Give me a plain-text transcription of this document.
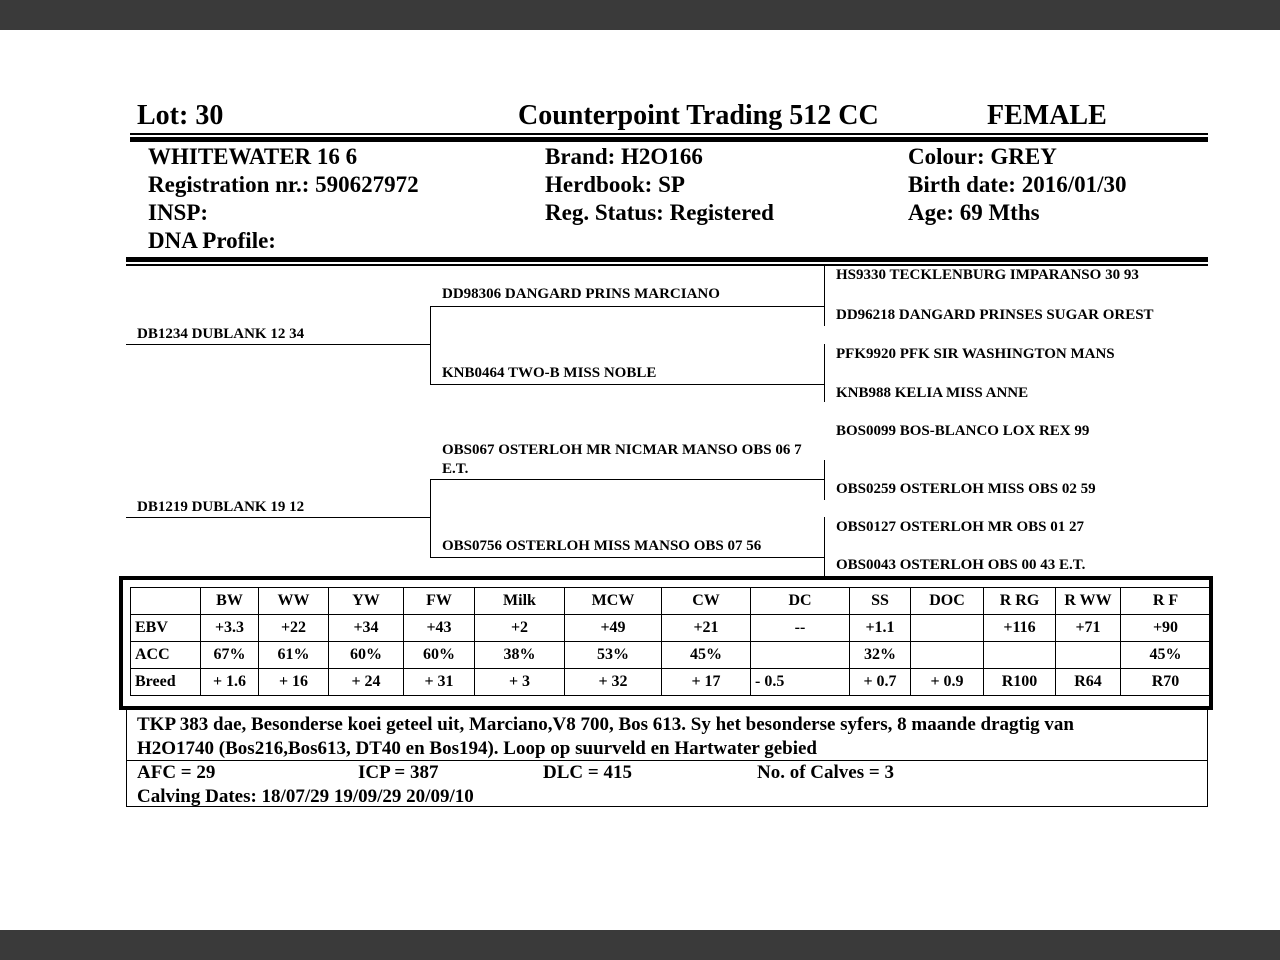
Lot: 30	Counterpoint Trading 512 CC	FEMALE
WHITEWATER 16 6
Registration nr.: 590627972
INSP:
DNA Profile:
Brand: H2O166
Herdbook: SP
Reg. Status: Registered
Colour: GREY
Birth date: 2016/01/30
Age: 69 Mths
DB1234 DUBLANK 12 34
DB1219 DUBLANK 19 12
DD98306 DANGARD PRINS MARCIANO
KNB0464 TWO-B MISS NOBLE
OBS067 OSTERLOH MR NICMAR MANSO OBS 06 7 E.T.
OBS0756 OSTERLOH MISS MANSO OBS 07 56
HS9330 TECKLENBURG IMPARANSO 30 93
DD96218 DANGARD PRINSES SUGAR OREST
PFK9920 PFK SIR WASHINGTON MANS
KNB988 KELIA MISS ANNE
BOS0099 BOS-BLANCO LOX REX 99
OBS0259 OSTERLOH MISS OBS 02 59
OBS0127 OSTERLOH MR OBS 01 27
OBS0043 OSTERLOH OBS 00 43 E.T.
	BW	WW	YW	FW	Milk	MCW	CW	DC	SS	DOC	R RG	R WW	R F
EBV	+3.3	+22	+34	+43	+2	+49	+21	--	+1.1		+116	+71	+90
ACC	67%	61%	60%	60%	38%	53%	45%		32%				45%
Breed	+ 1.6	+ 16	+ 24	+ 31	+ 3	+ 32	+ 17	- 0.5	+ 0.7	+ 0.9	R100	R64	R70
TKP 383 dae, Besonderse koei geteel uit, Marciano,V8 700, Bos 613. Sy het besonderse syfers, 8 maande dragtig van
H2O1740 (Bos216,Bos613, DT40 en Bos194). Loop op suurveld en Hartwater gebied
AFC = 29	ICP = 387	DLC = 415	No. of Calves = 3
Calving Dates: 18/07/29 19/09/29 20/09/10
